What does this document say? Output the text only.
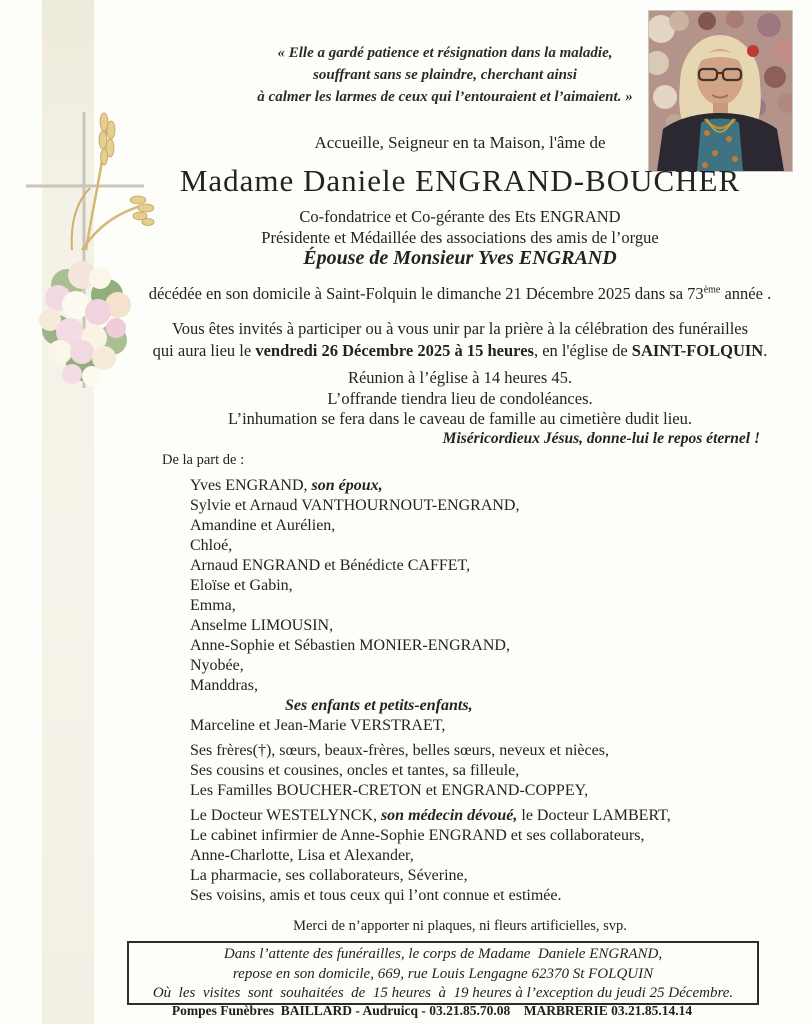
« Elle a gardé patience et résignation dans la maladie,
souffrant sans se plaindre, cherchant ainsi
à calmer les larmes de ceux qui l’entouraient et l’aimaient. »
Accueille, Seigneur en ta Maison, l'âme de
Madame Daniele ENGRAND-BOUCHER
Co-fondatrice et Co-gérante des Ets ENGRAND
Présidente et Médaillée des associations des amis de l’orgue
Épouse de Monsieur Yves ENGRAND
décédée en son domicile à Saint-Folquin le dimanche 21 Décembre 2025 dans sa 73ème année .
Vous êtes invités à participer ou à vous unir par la prière à la célébration des funérailles
qui aura lieu le vendredi 26 Décembre 2025 à 15 heures, en l'église de SAINT-FOLQUIN.
Réunion à l’église à 14 heures 45.
L’offrande tiendra lieu de condoléances.
L’inhumation se fera dans le caveau de famille au cimetière dudit lieu.
Miséricordieux Jésus, donne-lui le repos éternel !
De la part de :
Yves ENGRAND, son époux,
Sylvie et Arnaud VANTHOURNOUT-ENGRAND,
Amandine et Aurélien,
Chloé,
Arnaud ENGRAND et Bénédicte CAFFET,
Eloïse et Gabin,
Emma,
Anselme LIMOUSIN,
Anne-Sophie et Sébastien MONIER-ENGRAND,
Nyobée,
Manddras,
Ses enfants et petits-enfants,
Marceline et Jean-Marie VERSTRAET,
Ses frères(†), sœurs, beaux-frères, belles sœurs, neveux et nièces,
Ses cousins et cousines, oncles et tantes, sa filleule,
Les Familles BOUCHER-CRETON et ENGRAND-COPPEY,
Le Docteur WESTELYNCK, son médecin dévoué, le Docteur LAMBERT,
Le cabinet infirmier de Anne-Sophie ENGRAND et ses collaborateurs,
Anne-Charlotte, Lisa et Alexander,
La pharmacie, ses collaborateurs, Séverine,
Ses voisins, amis et tous ceux qui l’ont connue et estimée.
Merci de n’apporter ni plaques, ni fleurs artificielles, svp.
Dans l’attente des funérailles, le corps de Madame  Daniele ENGRAND,
repose en son domicile, 669, rue Louis Lengagne 62370 St FOLQUIN
Où  les  visites  sont  souhaitées  de  15 heures  à  19 heures à l’exception du jeudi 25 Décembre.
Pompes Funèbres  BAILLARD - Audruicq - 03.21.85.70.08    MARBRERIE 03.21.85.14.14
